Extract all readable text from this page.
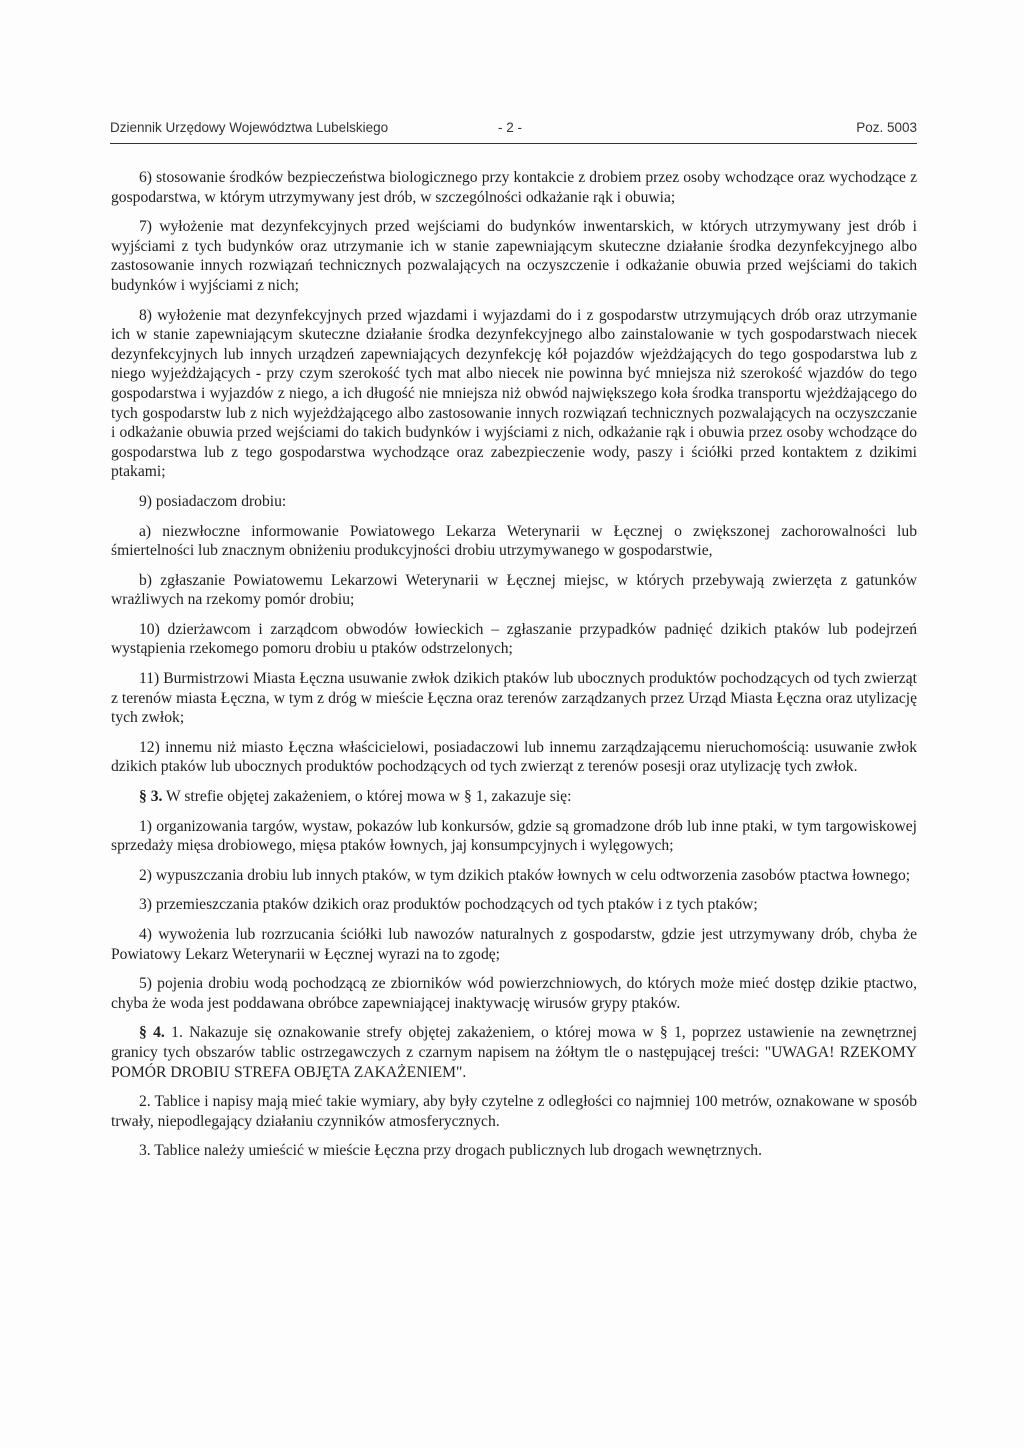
Dziennik Urzędowy Województwa Lubelskiego	- 2 -	Poz. 5003

6) stosowanie środków bezpieczeństwa biologicznego przy kontakcie z drobiem przez osoby wchodzące oraz wychodzące z gospodarstwa, w którym utrzymywany jest drób, w szczególności odkażanie rąk i obuwia;

7) wyłożenie mat dezynfekcyjnych przed wejściami do budynków inwentarskich, w których utrzymywany jest drób i wyjściami z tych budynków oraz utrzymanie ich w stanie zapewniającym skuteczne działanie środka dezynfekcyjnego albo zastosowanie innych rozwiązań technicznych pozwalających na oczyszczenie i odkażanie obuwia przed wejściami do takich budynków i wyjściami z nich;

8) wyłożenie mat dezynfekcyjnych przed wjazdami i wyjazdami do i z gospodarstw utrzymujących drób oraz utrzymanie ich w stanie zapewniającym skuteczne działanie środka dezynfekcyjnego albo zainstalowanie w tych gospodarstwach niecek dezynfekcyjnych lub innych urządzeń zapewniających dezynfekcję kół pojazdów wjeżdżających do tego gospodarstwa lub z niego wyjeżdżających - przy czym szerokość tych mat albo niecek nie powinna być mniejsza niż szerokość wjazdów do tego gospodarstwa i wyjazdów z niego, a ich długość nie mniejsza niż obwód największego koła środka transportu wjeżdżającego do tych gospodarstw lub z nich wyjeżdżającego albo zastosowanie innych rozwiązań technicznych pozwalających na oczyszczanie i odkażanie obuwia przed wejściami do takich budynków i wyjściami z nich, odkażanie rąk i obuwia przez osoby wchodzące do gospodarstwa lub z tego gospodarstwa wychodzące oraz zabezpieczenie wody, paszy i ściółki przed kontaktem z dzikimi ptakami;

9) posiadaczom drobiu:

a) niezwłoczne informowanie Powiatowego Lekarza Weterynarii w Łęcznej o zwiększonej zachorowalności lub śmiertelności lub znacznym obniżeniu produkcyjności drobiu utrzymywanego w gospodarstwie,

b) zgłaszanie Powiatowemu Lekarzowi Weterynarii w Łęcznej miejsc, w których przebywają zwierzęta z gatunków wrażliwych na rzekomy pomór drobiu;

10) dzierżawcom i zarządcom obwodów łowieckich – zgłaszanie przypadków padnięć dzikich ptaków lub podejrzeń wystąpienia rzekomego pomoru drobiu u ptaków odstrzelonych;

11) Burmistrzowi Miasta Łęczna usuwanie zwłok dzikich ptaków lub ubocznych produktów pochodzących od tych zwierząt z terenów miasta Łęczna, w tym z dróg w mieście Łęczna oraz terenów zarządzanych przez Urząd Miasta Łęczna oraz utylizację tych zwłok;

12) innemu niż miasto Łęczna właścicielowi, posiadaczowi lub innemu zarządzającemu nieruchomością: usuwanie zwłok dzikich ptaków lub ubocznych produktów pochodzących od tych zwierząt z terenów posesji oraz utylizację tych zwłok.

§ 3. W strefie objętej zakażeniem, o której mowa w § 1, zakazuje się:

1) organizowania targów, wystaw, pokazów lub konkursów, gdzie są gromadzone drób lub inne ptaki, w tym targowiskowej sprzedaży mięsa drobiowego, mięsa ptaków łownych, jaj konsumpcyjnych i wylęgowych;

2) wypuszczania drobiu lub innych ptaków, w tym dzikich ptaków łownych w celu odtworzenia zasobów ptactwa łownego;

3) przemieszczania ptaków dzikich oraz produktów pochodzących od tych ptaków i z tych ptaków;

4) wywożenia lub rozrzucania ściółki lub nawozów naturalnych z gospodarstw, gdzie jest utrzymywany drób, chyba że Powiatowy Lekarz Weterynarii w Łęcznej wyrazi na to zgodę;

5) pojenia drobiu wodą pochodzącą ze zbiorników wód powierzchniowych, do których może mieć dostęp dzikie ptactwo, chyba że woda jest poddawana obróbce zapewniającej inaktywację wirusów grypy ptaków.

§ 4. 1. Nakazuje się oznakowanie strefy objętej zakażeniem, o której mowa w § 1, poprzez ustawienie na zewnętrznej granicy tych obszarów tablic ostrzegawczych z czarnym napisem na żółtym tle o następującej treści: "UWAGA! RZEKOMY POMÓR DROBIU STREFA OBJĘTA ZAKAŻENIEM".

2. Tablice i napisy mają mieć takie wymiary, aby były czytelne z odległości co najmniej 100 metrów, oznakowane w sposób trwały, niepodlegający działaniu czynników atmosferycznych.

3. Tablice należy umieścić w mieście Łęczna przy drogach publicznych lub drogach wewnętrznych.
